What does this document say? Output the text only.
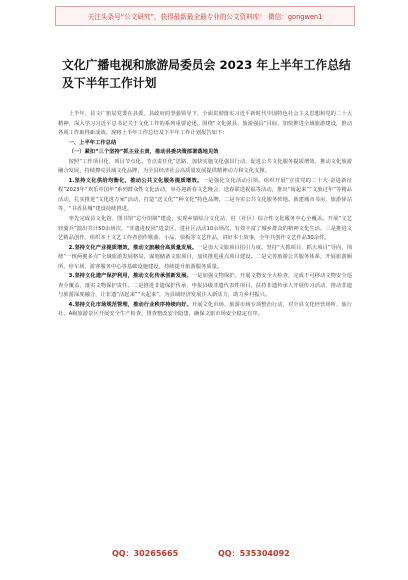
关注头条号“公文研究”，获得最新最全最专业的公文资料库！ 微信：gongwen1
文化广播电视和旅游局委员会 2023 年上半年工作总结及下半年工作计划

上半年，县文广旅局党委在县委、县政府的坚强领导下，全面贯彻落实习近平新时代中国特色社会主义思想和党的二十大精神，深入学习习近平总书记关于文化工作的系列重要论述，围绕“文化强县、旅游强县”目标，加快推进全域旅游建设，推动各项工作取得新成效。现将上半年工作总结及下半年工作计划报告如下：

一、上半年工作总结

（一）紧扣“三个坚持”抓主业主责，推动县委决策部署落地见效

按照“工作项目化、项目节点化、节点责任化”思路，加快实施文化强县行动，促进公共文化服务提质增效，推动文化旅游融合发展，持续擦亮县域文化品牌，为全县经济社会高质量发展提供精神动力和文化支撑。

1.坚持文化供给均衡化，推动公共文化服务提质增效。一是强化文化活动引领。组织开展“宣贯党的二十大·奋进新征程”2023年“欢乐中国年”系列群众性文化活动，举办迎新春文艺晚会、送春联送祝福等活动，推出“阅起来”“文旅过年”等精品活动，扎实推进“文化进万家”活动，打造“送文化”“种文化”特色品牌。二是夯实公共文化服务阵地。新建城市书房、旅游驿站等，“书香县城”建设持续推进。

率先完成县文化馆、图书馆“总分馆制”建设，实现乡镇综合文化站、村（社区）综合性文化服务中心全覆盖。开展“文艺轻骑兵”演出共计50余场次，“非遗进校园”进景区、进社区活动10余场次，有效丰富了城乡群众的精神文化生活。三是推进文艺精品创作。组织本土文艺工作者创作歌曲、小品、快板等文艺作品，讲好本土故事，全年共创作文艺作品30余件。

2.坚持文化产业提质增效，推动文旅融合高质量发展。一是加大文旅项目招引力度。坚持“大抓项目、抓大项目”导向，围绕“一核两翼多点”全域旅游发展格局，谋划储备文旅项目，加快推进重点项目建设。二是完善旅游公共服务体系，开展旅游厕所、停车场、游客服务中心等基础设施建设，持续提升旅游服务质量。

3.坚持文化遗产保护利用，推动文化传承创新发展。一是加强文物保护。开展文物安全大检查，完成不可移动文物安全巡查全覆盖，落实文物保护责任。二是推进非遗保护传承，申报县级非遗代表性项目，扶持非遗传承人开展传习活动，推动非遗与旅游深度融合，让非遗“活起来”“火起来”，为县域经济发展注入新活力，助力乡村振兴。

4.坚持文化市场规范管理，推动行业秩序持续向好。开展文化市场、旅游市场专项整治行动，对全县文化经营场所、旅行社、A级旅游景区开展安全生产检查，排查整改安全隐患，确保文旅市场安全稳定有序。

QQ：30265665	QQ：535304092
